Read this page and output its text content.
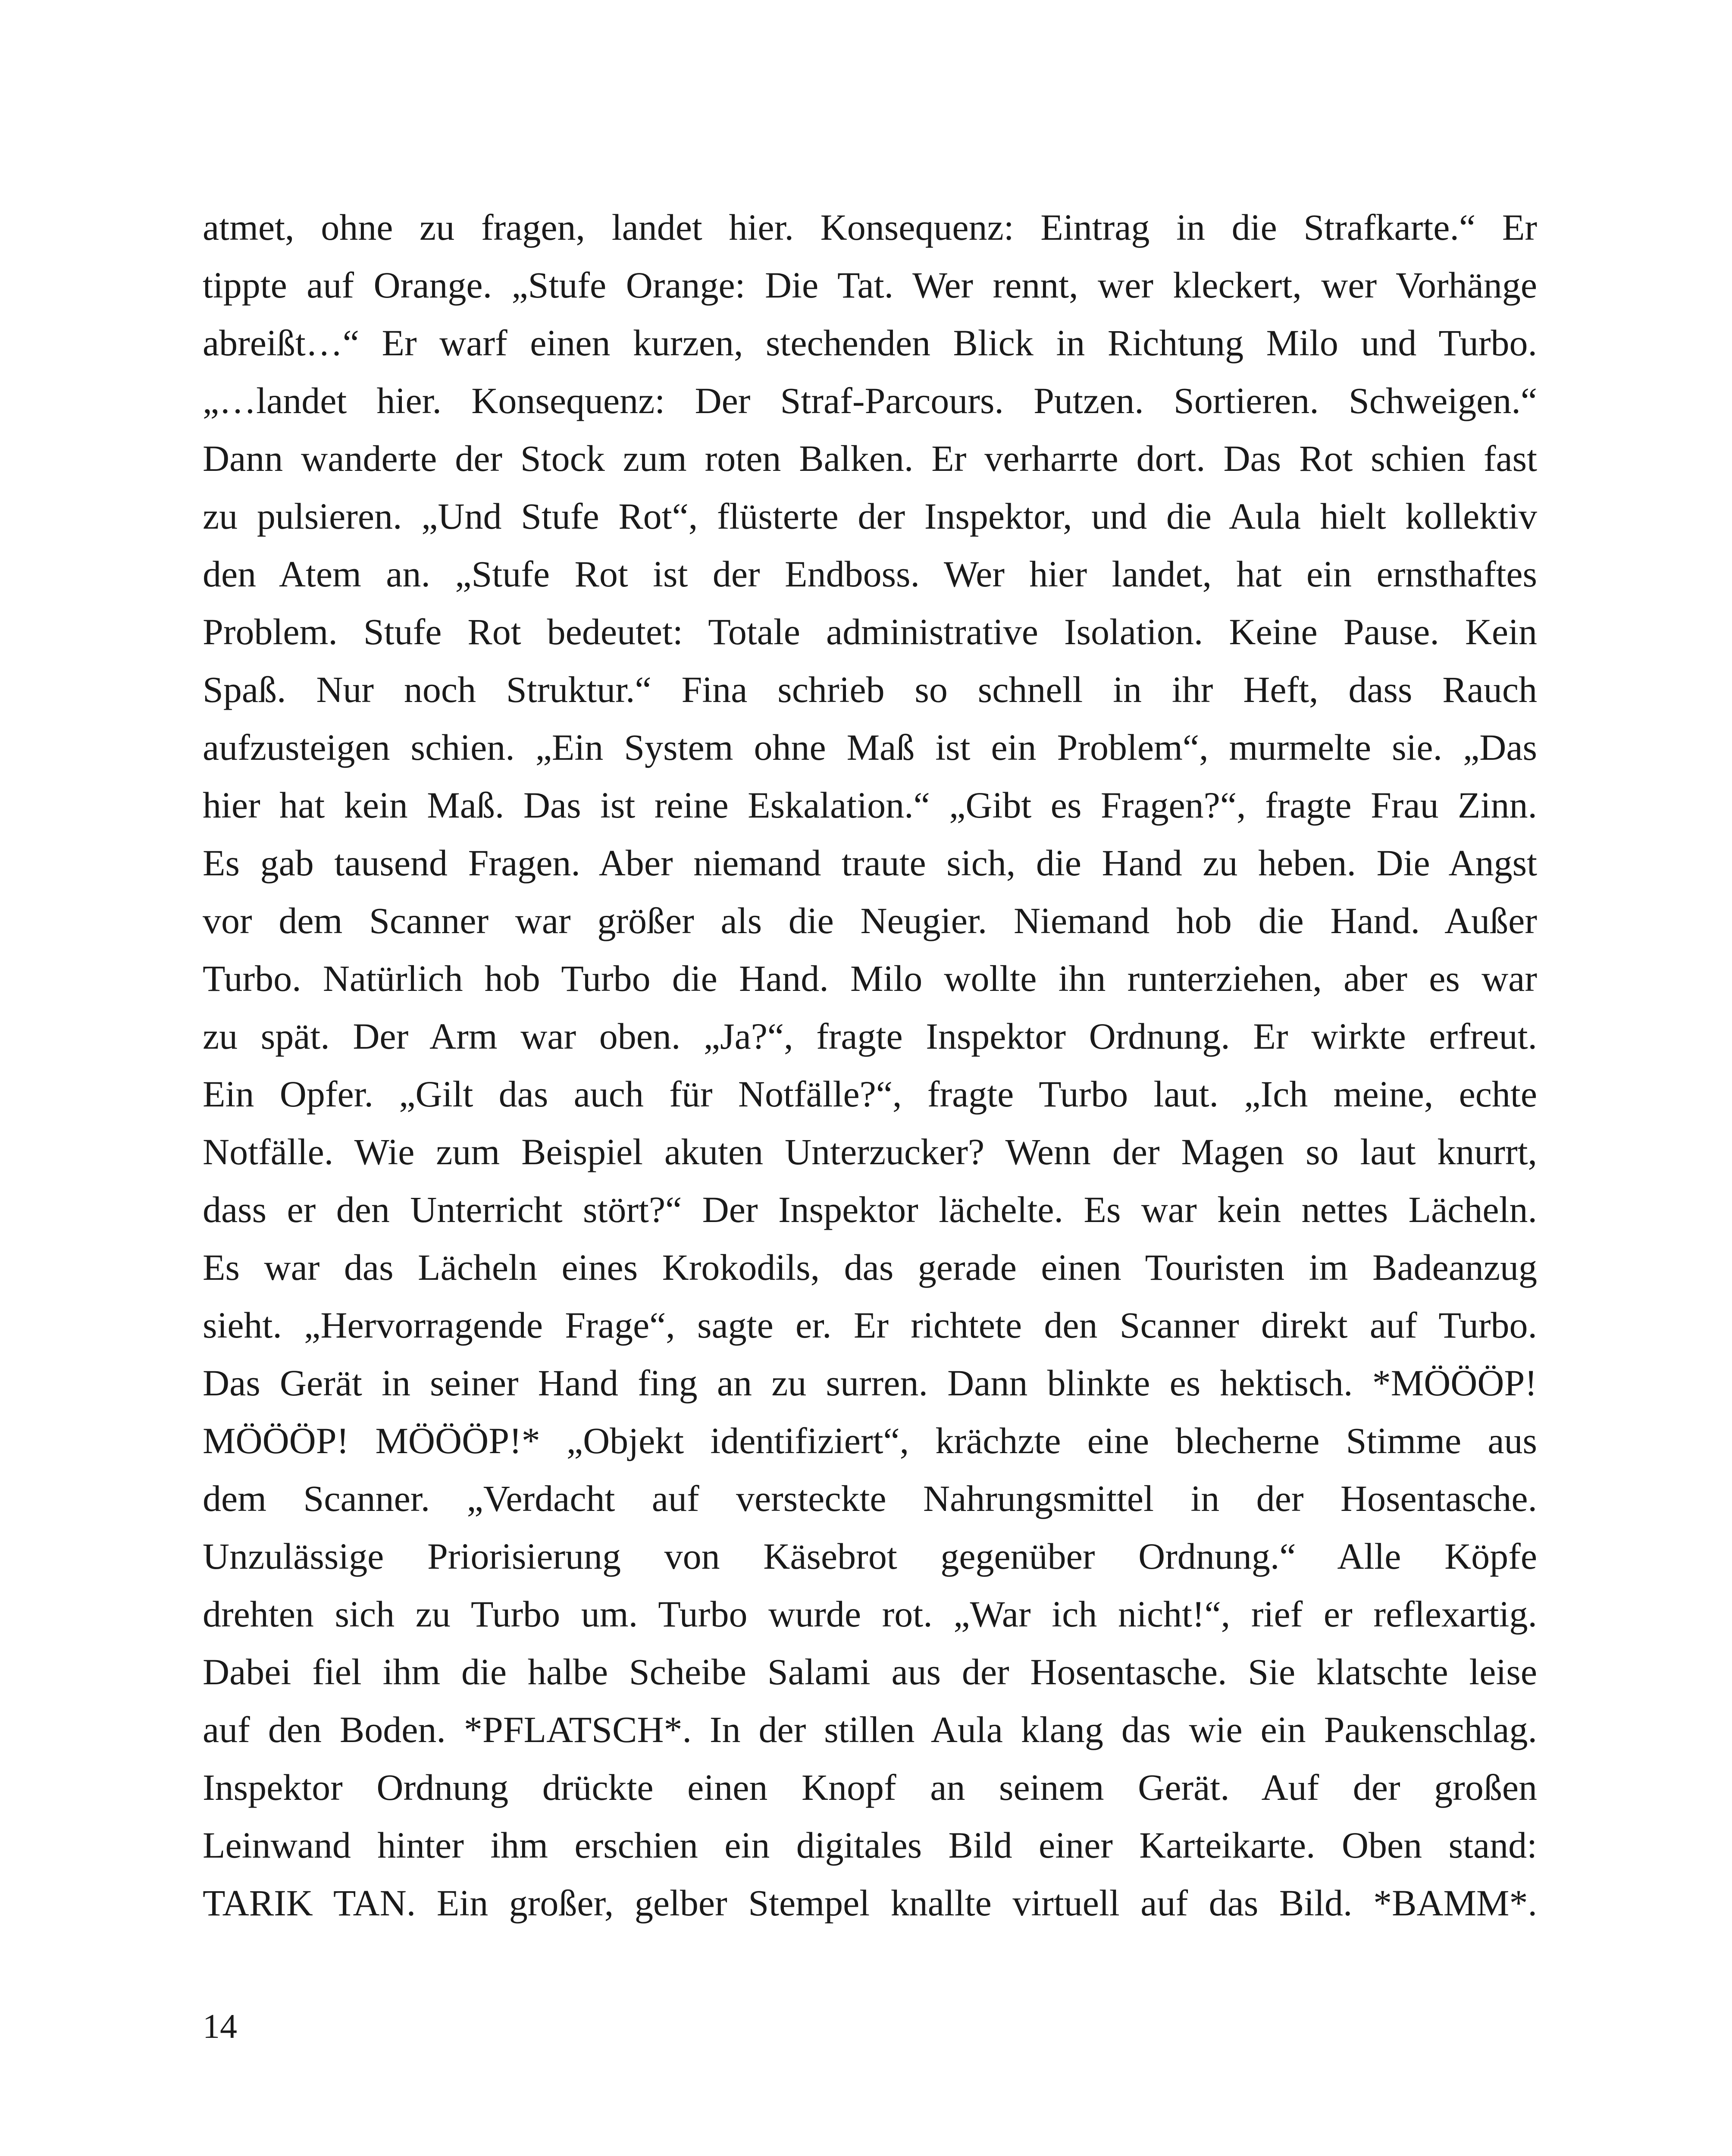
atmet, ohne zu fragen, landet hier. Konsequenz: Eintrag in die Strafkarte.“ Er
tippte auf Orange. „Stufe Orange: Die Tat. Wer rennt, wer kleckert, wer Vorhänge
abreißt…“ Er warf einen kurzen, stechenden Blick in Richtung Milo und Turbo.
„…landet hier. Konsequenz: Der Straf-Parcours. Putzen. Sortieren. Schweigen.“
Dann wanderte der Stock zum roten Balken. Er verharrte dort. Das Rot schien fast
zu pulsieren. „Und Stufe Rot“, flüsterte der Inspektor, und die Aula hielt kollektiv
den Atem an. „Stufe Rot ist der Endboss. Wer hier landet, hat ein ernsthaftes
Problem. Stufe Rot bedeutet: Totale administrative Isolation. Keine Pause. Kein
Spaß. Nur noch Struktur.“ Fina schrieb so schnell in ihr Heft, dass Rauch
aufzusteigen schien. „Ein System ohne Maß ist ein Problem“, murmelte sie. „Das
hier hat kein Maß. Das ist reine Eskalation.“ „Gibt es Fragen?“, fragte Frau Zinn.
Es gab tausend Fragen. Aber niemand traute sich, die Hand zu heben. Die Angst
vor dem Scanner war größer als die Neugier. Niemand hob die Hand. Außer
Turbo. Natürlich hob Turbo die Hand. Milo wollte ihn runterziehen, aber es war
zu spät. Der Arm war oben. „Ja?“, fragte Inspektor Ordnung. Er wirkte erfreut.
Ein Opfer. „Gilt das auch für Notfälle?“, fragte Turbo laut. „Ich meine, echte
Notfälle. Wie zum Beispiel akuten Unterzucker? Wenn der Magen so laut knurrt,
dass er den Unterricht stört?“ Der Inspektor lächelte. Es war kein nettes Lächeln.
Es war das Lächeln eines Krokodils, das gerade einen Touristen im Badeanzug
sieht. „Hervorragende Frage“, sagte er. Er richtete den Scanner direkt auf Turbo.
Das Gerät in seiner Hand fing an zu surren. Dann blinkte es hektisch. *MÖÖÖP!
MÖÖÖP! MÖÖÖP!* „Objekt identifiziert“, krächzte eine blecherne Stimme aus
dem Scanner. „Verdacht auf versteckte Nahrungsmittel in der Hosentasche.
Unzulässige Priorisierung von Käsebrot gegenüber Ordnung.“ Alle Köpfe
drehten sich zu Turbo um. Turbo wurde rot. „War ich nicht!“, rief er reflexartig.
Dabei fiel ihm die halbe Scheibe Salami aus der Hosentasche. Sie klatschte leise
auf den Boden. *PFLATSCH*. In der stillen Aula klang das wie ein Paukenschlag.
Inspektor Ordnung drückte einen Knopf an seinem Gerät. Auf der großen
Leinwand hinter ihm erschien ein digitales Bild einer Karteikarte. Oben stand:
TARIK TAN. Ein großer, gelber Stempel knallte virtuell auf das Bild. *BAMM*.
14
